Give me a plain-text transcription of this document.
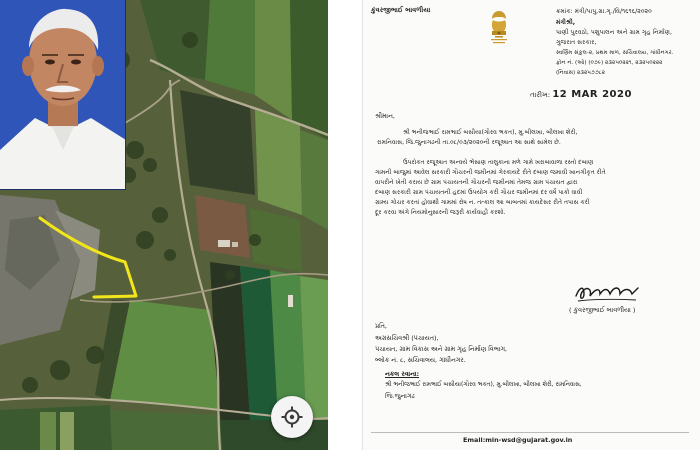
કુંવરજીભાઈ બાવળીયા	ક્રમાંક: મંત્રી/પાપુ.ગ્રા.ગૃ./વિ/૧૬૧૬/૨૦૨૦
મંત્રીશ્રી,
પાણી પુરવઠો, પશુપાલન અને ગ્રામ ગૃહ નિર્માણ,
ગુજરાત સરકાર,
સ્વર્ણિમ સંકુલ-૨, પ્રથમ માળ, સચિવાલય, ગાંધીનગર.
ફોન નં. (ઓ) (૦૭૯) ૨૩૨૫૦૨૨૧, ૨૩૨૫૦૨૨૨
(નિવાસ) ૨૩૨૫૭૭૮૨
તારીખ: 12 MAR 2020
શ્રીમાન,
શ્રી ભનીજભાઈ રામભાઈ બસીયા(ગૌરવ ભકત), મુ.બીલખા, બીલખા શેરી,
રામનિવાસ, જિ.જુનાગઢની તા.૦૮/૦૩/૨૦૨૦ની રજૂઆત આ સાથે સામેલ છે.
ઉપરોકત રજૂઆત અન્વયે ભેંસાણ તાલુકાના મળે ગામે ખરાબાવાળા રસ્તો દબાણ
ગામની બાજુમાં આવેલ સરકારી ગૌચરની જમીનમાં ગેરકાયદે રીતે દબાણ જમાવી ખાનગીકૃત રીતે
વાપરીને ખેતી કરાય છે ગ્રામ પંચાયતની ગૌચરની જમીનમાં તેમજ ગ્રામ પંચાયત દ્વારા
દબાણ સરકારી ગ્રામ પંચાયતની હદમાં ઉપયોગ કરી ગૌચર જમીનમાં દર વર્ષે પાકો વાવી
ગ્રામ્ય ગોચર કરતાં હોવાથી ગામમાં રોષ ન. તત્કાલ આ બાબતમાં કાયદેસર રીતે તપાસ કરી
દૂર કરવા અંગે નિયમોનુસારની જરૂરી કાર્યવાહી કરશો.
( કુંવરજીભાઈ બાવળીયા )
પ્રતિ,
અગ્રસચિવશ્રી (પંચાયત),
પંચાયત, ગ્રામ વિકાસ અને ગ્રામ ગૃહ નિર્માણ વિભાગ,
બ્લોક નં. ૮, સચિવાલય, ગાંધીનગર.
નકલ રવાના:
શ્રી ભનીજભાઈ રામભાઈ બસીયા(ગૌરવ ભકત), મુ.બીલખા, બીલખા શેરી, રામનિવાસ,
જિ.જુનાગઢ
Email:min-wsd@gujarat.gov.in
